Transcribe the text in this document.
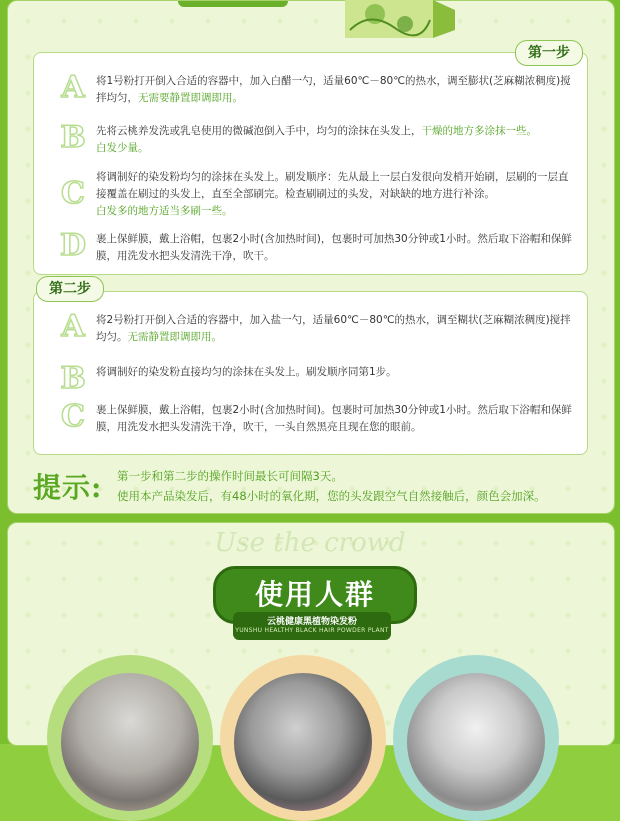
A 将1号粉打开倒入合适的容器中，加入白醋一勺，适量60℃－80℃的热水，调至膨状(芝麻糊浓稠度)搅拌均匀，无需要静置即调即用。
B 先将云桃养发洗或乳皂使用的微碱泡倒入手中，均匀的涂抹在头发上，干燥的地方多涂抹一些。
白发少量。
C 将调制好的染发粉均匀的涂抹在头发上。刷发顺序：先从最上一层白发很向发梢开始刷，层刷的一层直接覆盖在刷过的头发上，直至全部刷完。检查刷刷过的头发，对缺缺的地方进行补涂。
白发多的地方适当多刷一些。
D 裹上保鲜膜，戴上浴帽，包裹2小时(含加热时间)，包裹时可加热30分钟或1小时。然后取下浴帽和保鲜膜，用洗发水把头发清洗干净，吹干。
第一步
A 将2号粉打开倒入合适的容器中，加入盐一勺，适量60℃－80℃的热水，调至糊状(芝麻糊浓稠度)搅拌均匀。无需静置即调即用。
B 将调制好的染发粉直接均匀的涂抹在头发上。刷发顺序同第1步。
C 裹上保鲜膜，戴上浴帽，包裹2小时(含加热时间)。包裹时可加热30分钟或1小时。然后取下浴帽和保鲜膜，用洗发水把头发清洗干净，吹干，一头自然黑亮且现在您的眼前。
第二步
提示: 第一步和第二步的操作时间最长可间隔3天。
使用本产品染发后，有48小时的氧化期，您的头发跟空气自然接触后，颜色会加深。
Use the crowd
使用人群
云桃健康黑植物染发粉
YUNSHU HEALTHY BLACK HAIR POWDER PLANT
